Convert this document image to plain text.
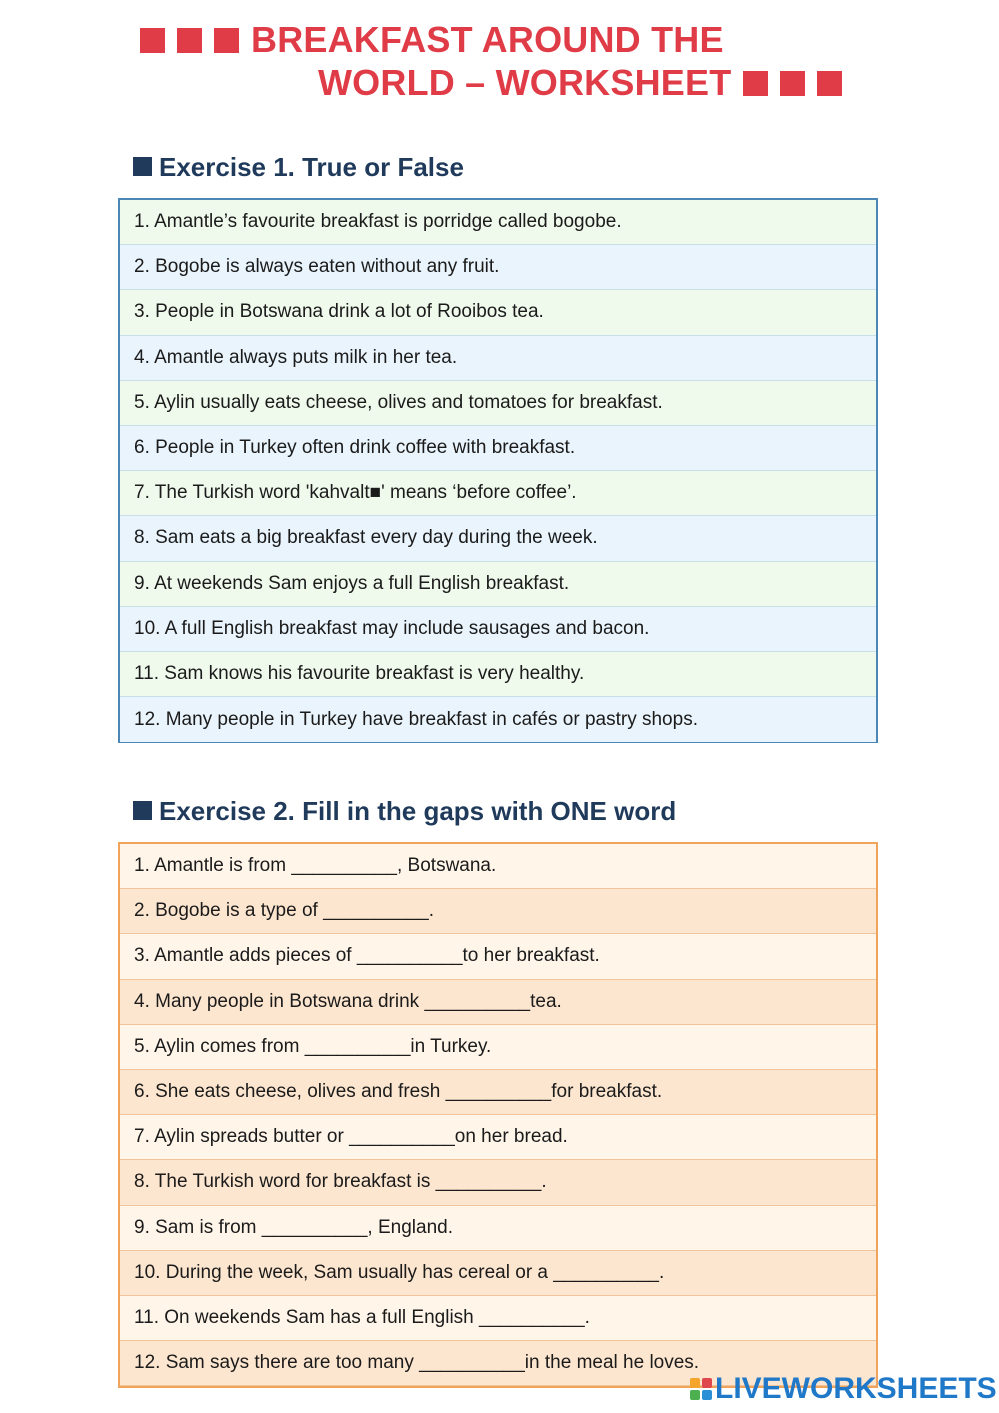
BREAKFAST AROUND THE
WORLD – WORKSHEET
Exercise 1. True or False
1. Amantle’s favourite breakfast is porridge called bogobe.
2. Bogobe is always eaten without any fruit.
3. People in Botswana drink a lot of Rooibos tea.
4. Amantle always puts milk in her tea.
5. Aylin usually eats cheese, olives and tomatoes for breakfast.
6. People in Turkey often drink coffee with breakfast.
7. The Turkish word 'kahvalt■' means ‘before coffee’.
8. Sam eats a big breakfast every day during the week.
9. At weekends Sam enjoys a full English breakfast.
10. A full English breakfast may include sausages and bacon.
11. Sam knows his favourite breakfast is very healthy.
12. Many people in Turkey have breakfast in cafés or pastry shops.
Exercise 2. Fill in the gaps with ONE word
1. Amantle is from __________, Botswana.
2. Bogobe is a type of __________.
3. Amantle adds pieces of __________to her breakfast.
4. Many people in Botswana drink __________tea.
5. Aylin comes from __________in Turkey.
6. She eats cheese, olives and fresh __________for breakfast.
7. Aylin spreads butter or __________on her bread.
8. The Turkish word for breakfast is __________.
9. Sam is from __________, England.
10. During the week, Sam usually has cereal or a __________.
11. On weekends Sam has a full English __________.
12. Sam says there are too many __________in the meal he loves.
LIVEWORKSHEETS
